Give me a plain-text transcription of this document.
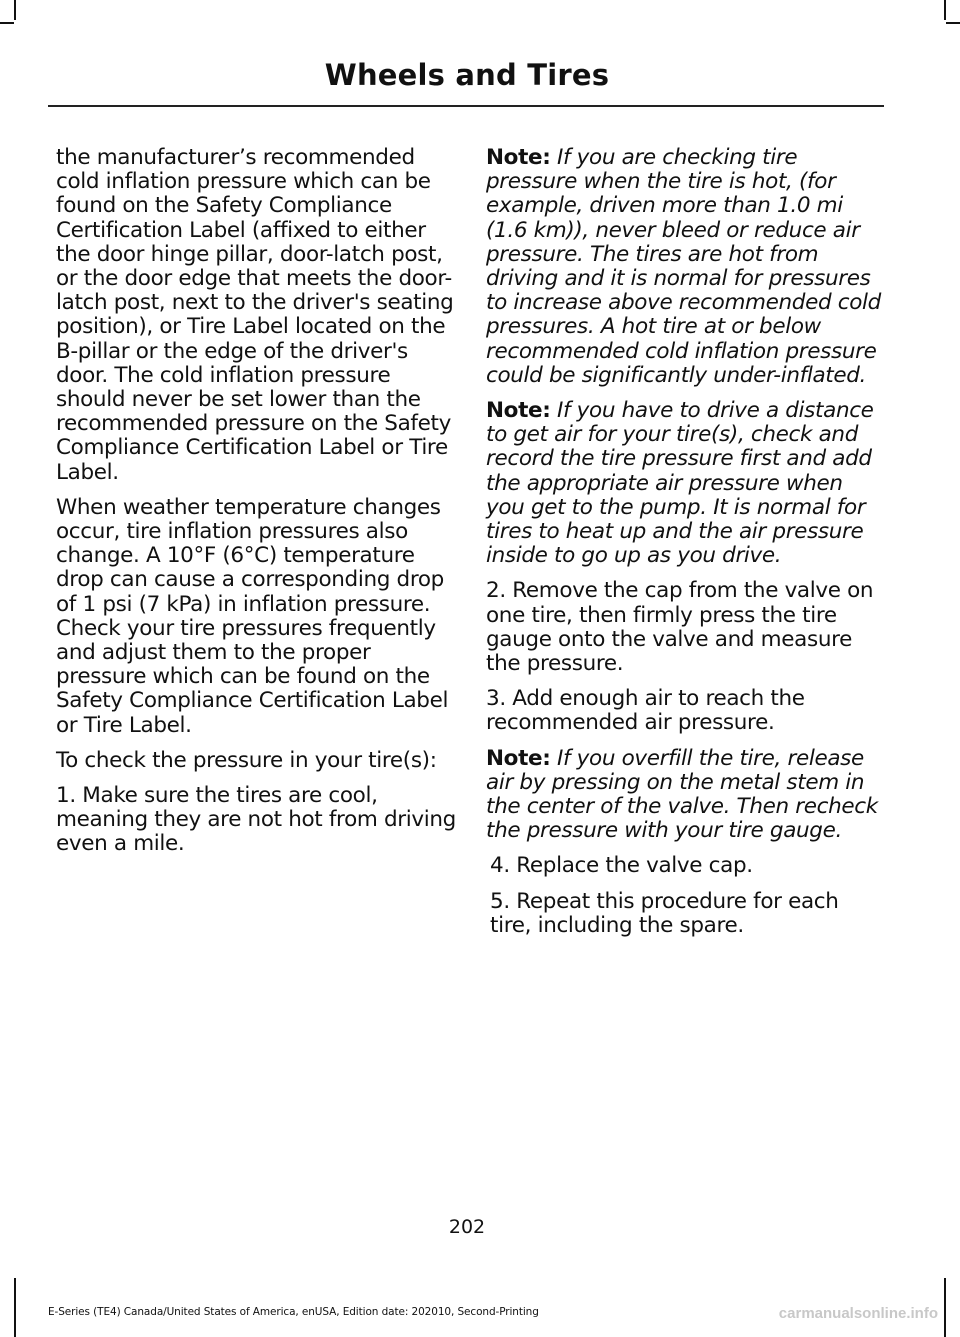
Wheels and Tires

the manufacturer’s recommended cold inflation pressure which can be found on the Safety Compliance Certification Label (affixed to either the door hinge pillar, door-latch post, or the door edge that meets the door-latch post, next to the driver's seating position), or Tire Label located on the B-pillar or the edge of the driver's door. The cold inflation pressure should never be set lower than the recommended pressure on the Safety Compliance Certification Label or Tire Label.

When weather temperature changes occur, tire inflation pressures also change. A 10°F (6°C) temperature drop can cause a corresponding drop of 1 psi (7 kPa) in inflation pressure. Check your tire pressures frequently and adjust them to the proper pressure which can be found on the Safety Compliance Certification Label or Tire Label.

To check the pressure in your tire(s):

1. Make sure the tires are cool, meaning they are not hot from driving even a mile.

Note: If you are checking tire pressure when the tire is hot, (for example, driven more than 1.0 mi (1.6 km)), never bleed or reduce air pressure. The tires are hot from driving and it is normal for pressures to increase above recommended cold pressures. A hot tire at or below recommended cold inflation pressure could be significantly under-inflated.

Note: If you have to drive a distance to get air for your tire(s), check and record the tire pressure first and add the appropriate air pressure when you get to the pump. It is normal for tires to heat up and the air pressure inside to go up as you drive.

2. Remove the cap from the valve on one tire, then firmly press the tire gauge onto the valve and measure the pressure.

3. Add enough air to reach the recommended air pressure.

Note: If you overfill the tire, release air by pressing on the metal stem in the center of the valve. Then recheck the pressure with your tire gauge.

4. Replace the valve cap.

5. Repeat this procedure for each tire, including the spare.

202
E-Series (TE4) Canada/United States of America, enUSA, Edition date: 202010, Second-Printing	carmanualsonline.info
